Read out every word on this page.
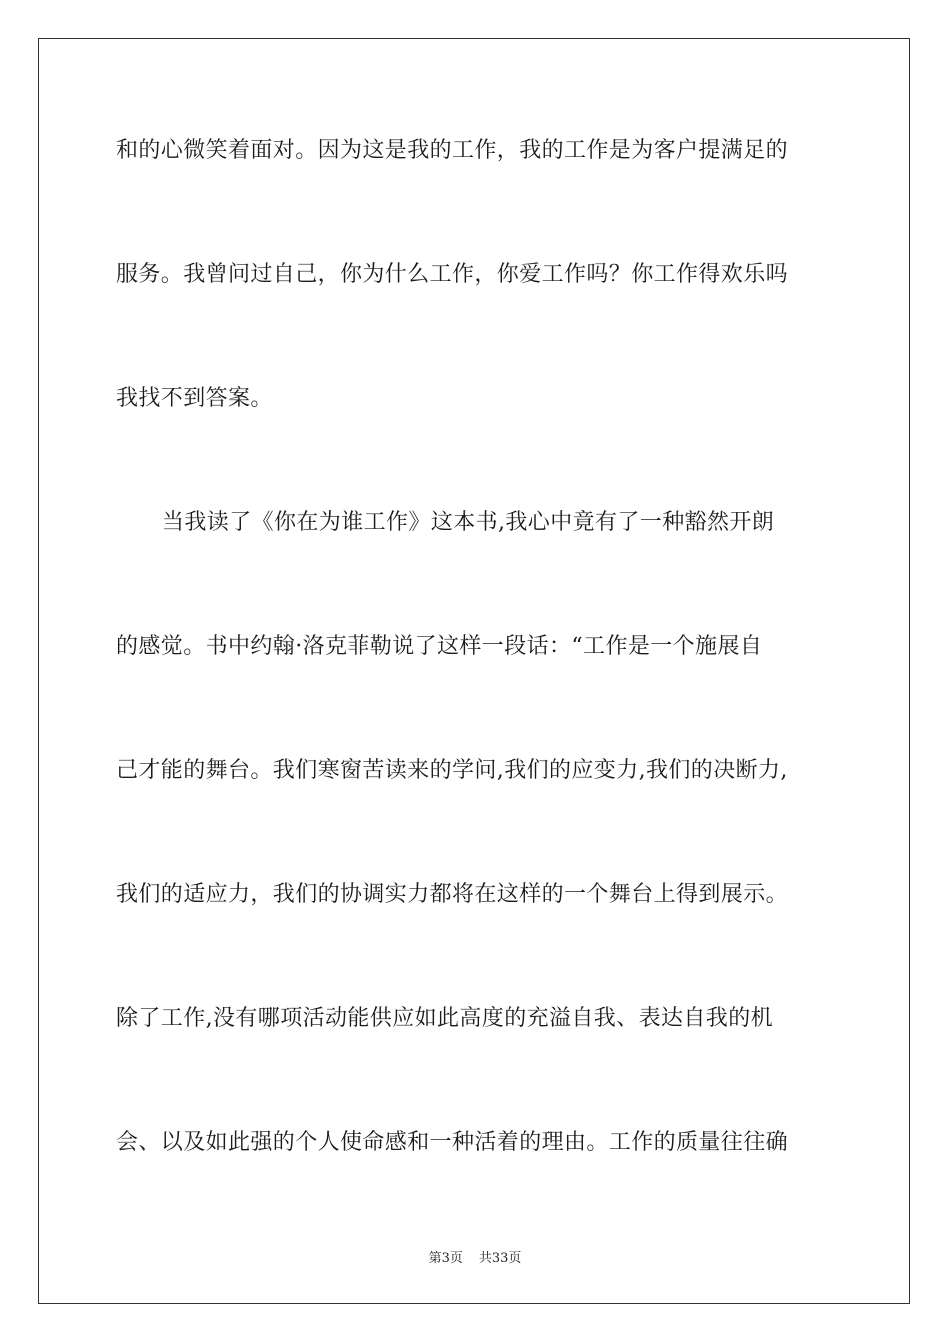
和的心微笑着面对。因为这是我的工作，我的工作是为客户提满足的
服务。我曾问过自己，你为什么工作，你爱工作吗？你工作得欢乐吗
我找不到答案。
当我读了《你在为谁工作》这本书,我心中竟有了一种豁然开朗
的感觉。书中约翰·洛克菲勒说了这样一段话：“工作是一个施展自
己才能的舞台。我们寒窗苦读来的学问,我们的应变力,我们的决断力,
我们的适应力，我们的协调实力都将在这样的一个舞台上得到展示。
除了工作,没有哪项活动能供应如此高度的充溢自我、表达自我的机
会、以及如此强的个人使命感和一种活着的理由。工作的质量往往确
第3页 共33页
